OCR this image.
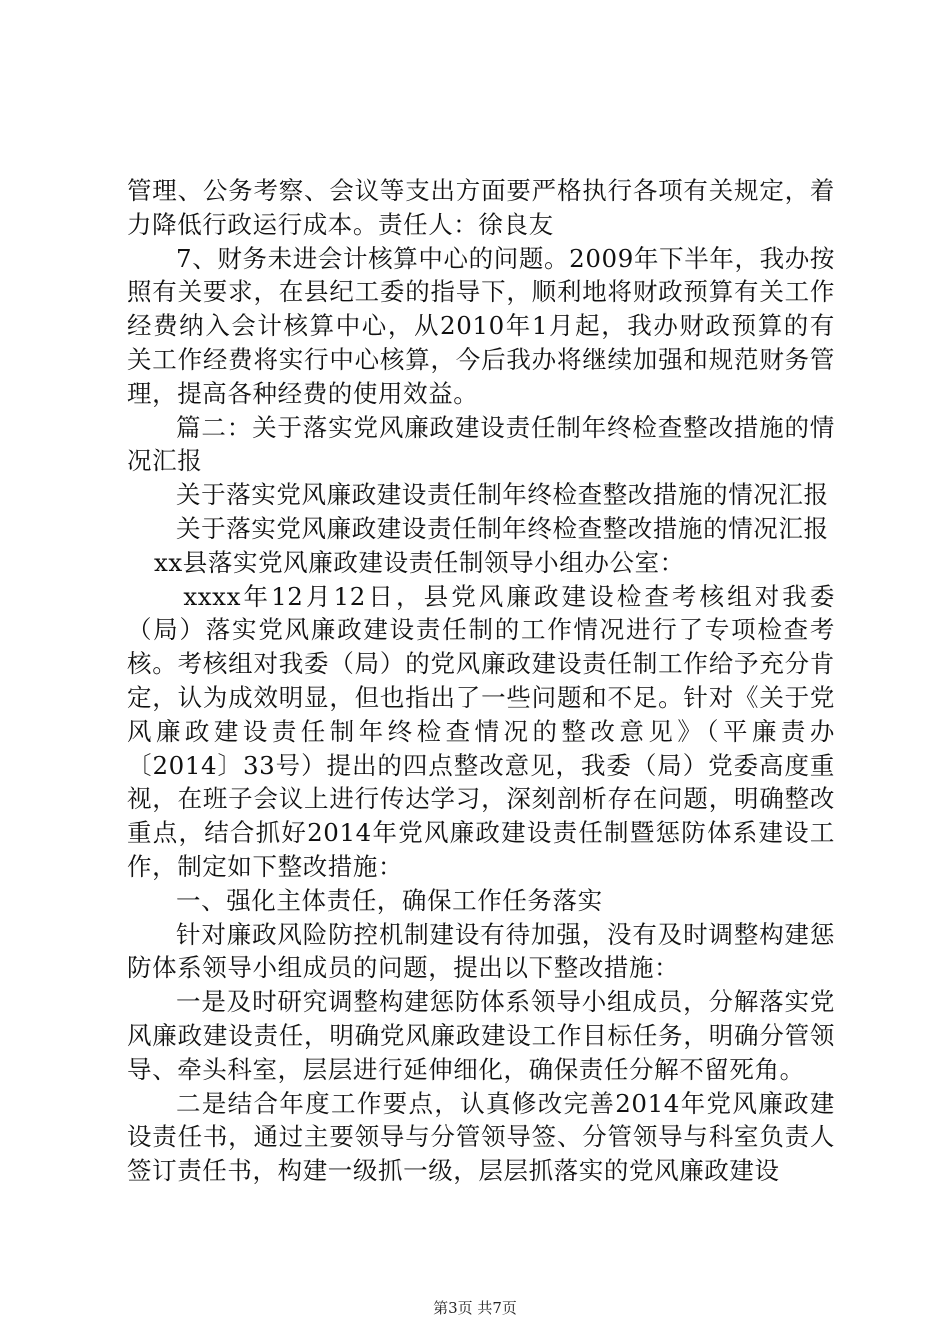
管理、公务考察、会议等支出方面要严格执行各项有关规定，着力降低行政运行成本。责任人：徐良友

7、财务未进会计核算中心的问题。2009年下半年，我办按照有关要求，在县纪工委的指导下，顺利地将财政预算有关工作经费纳入会计核算中心，从2010年1月起，我办财政预算的有关工作经费将实行中心核算，今后我办将继续加强和规范财务管理，提高各种经费的使用效益。

篇二：关于落实党风廉政建设责任制年终检查整改措施的情况汇报

关于落实党风廉政建设责任制年终检查整改措施的情况汇报

关于落实党风廉政建设责任制年终检查整改措施的情况汇报

xx县落实党风廉政建设责任制领导小组办公室：

xxxx年12月12日，县党风廉政建设检查考核组对我委（局）落实党风廉政建设责任制的工作情况进行了专项检查考核。考核组对我委（局）的党风廉政建设责任制工作给予充分肯定，认为成效明显，但也指出了一些问题和不足。针对《关于党风廉政建设责任制年终检查情况的整改意见》（平廉责办〔2014〕33号）提出的四点整改意见，我委（局）党委高度重视，在班子会议上进行传达学习，深刻剖析存在问题，明确整改重点，结合抓好2014年党风廉政建设责任制暨惩防体系建设工作，制定如下整改措施：

一、强化主体责任，确保工作任务落实

针对廉政风险防控机制建设有待加强，没有及时调整构建惩防体系领导小组成员的问题，提出以下整改措施：

一是及时研究调整构建惩防体系领导小组成员，分解落实党风廉政建设责任，明确党风廉政建设工作目标任务，明确分管领导、牵头科室，层层进行延伸细化，确保责任分解不留死角。

二是结合年度工作要点，认真修改完善2014年党风廉政建设责任书，通过主要领导与分管领导签、分管领导与科室负责人签订责任书，构建一级抓一级，层层抓落实的党风廉政建设

第3页 共7页
